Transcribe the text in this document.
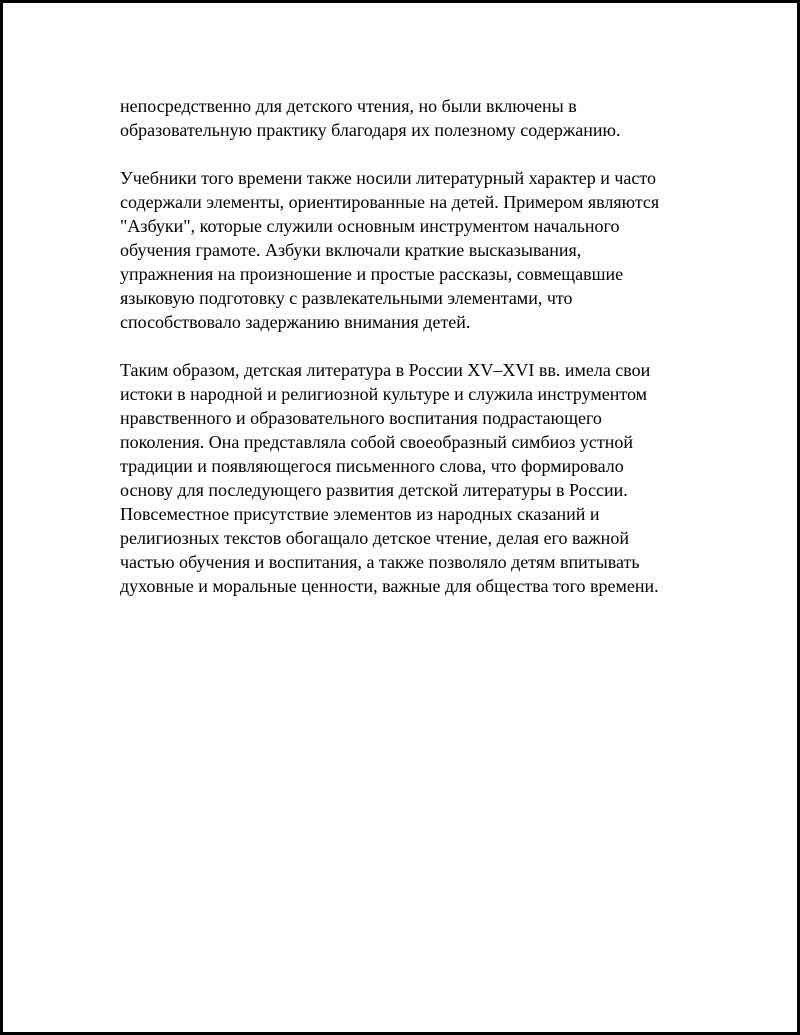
непосредственно для детского чтения, но были включены в
образовательную практику благодаря их полезному содержанию.

Учебники того времени также носили литературный характер и часто
содержали элементы, ориентированные на детей. Примером являются
"Азбуки", которые служили основным инструментом начального
обучения грамоте. Азбуки включали краткие высказывания,
упражнения на произношение и простые рассказы, совмещавшие
языковую подготовку с развлекательными элементами, что
способствовало задержанию внимания детей.

Таким образом, детская литература в России XV–XVI вв. имела свои
истоки в народной и религиозной культуре и служила инструментом
нравственного и образовательного воспитания подрастающего
поколения. Она представляла собой своеобразный симбиоз устной
традиции и появляющегося письменного слова, что формировало
основу для последующего развития детской литературы в России.
Повсеместное присутствие элементов из народных сказаний и
религиозных текстов обогащало детское чтение, делая его важной
частью обучения и воспитания, а также позволяло детям впитывать
духовные и моральные ценности, важные для общества того времени.
